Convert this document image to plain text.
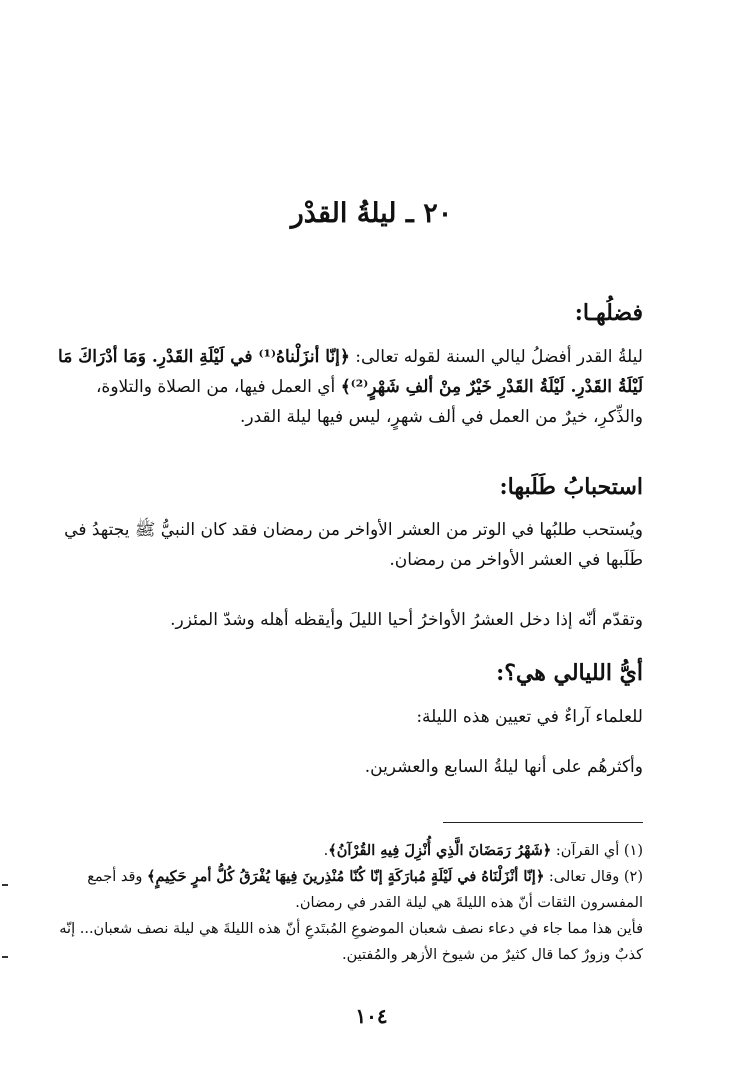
٢٠ ـ ليلةُ القدْر
فضلُهـا:
ليلةُ القدر أفضلُ ليالي السنة لقوله تعالى: ﴿إنّا أنزَلْناهُ⁽¹⁾ في لَيْلَةِ القَدْرِ. وَمَا أدْرَاكَ مَا لَيْلَةُ القَدْرِ. لَيْلَةُ القَدْرِ خَيْرٌ مِنْ ألفِ شَهْرٍ⁽²⁾﴾ أي العمل فيها، من الصلاة والتلاوة، والذِّكرِ، خيرٌ من العمل في ألف شهرٍ، ليس فيها ليلة القدر.
استحبابُ طَلَبها:
ويُستحب طلبُها في الوتر من العشر الأواخر من رمضان فقد كان النبيُّ ﷺ يجتهدُ في طَلَبها في العشر الأواخر من رمضان.
وتقدّم أنّه إذا دخل العشرُ الأواخرُ أحيا الليلَ وأيقظه أهله وشدّ المئزر.
أيُّ الليالي هي؟:
للعلماء آراءٌ في تعيين هذه الليلة:
وأكثرهُم على أنها ليلةُ السابع والعشرين.

(١) أي القرآن: ﴿شَهْرُ رَمَضَانَ الَّذِي أُنْزِلَ فِيهِ القُرْآنُ﴾.

(٢) وقال تعالى: ﴿إنّا أنْزَلْنَاهُ في لَيْلَةٍ مُبارَكَةٍ إنّا كُنّا مُنْذِرينَ فِيهَا يُفْرَقُ كُلُّ أمرٍ حَكِيمٍ﴾ وقد أجمع المفسرون الثقات أنّ هذه الليلةَ هي ليلة القدر في رمضان.

فأين هذا مما جاء في دعاء نصف شعبان الموضوعِ المُبتَدعِ أنّ هذه الليلةَ هي ليلة نصف شعبان... إنّه كذبٌ وزورٌ كما قال كثيرٌ من شيوخ الأزهر والمُفتين.

١٠٤
